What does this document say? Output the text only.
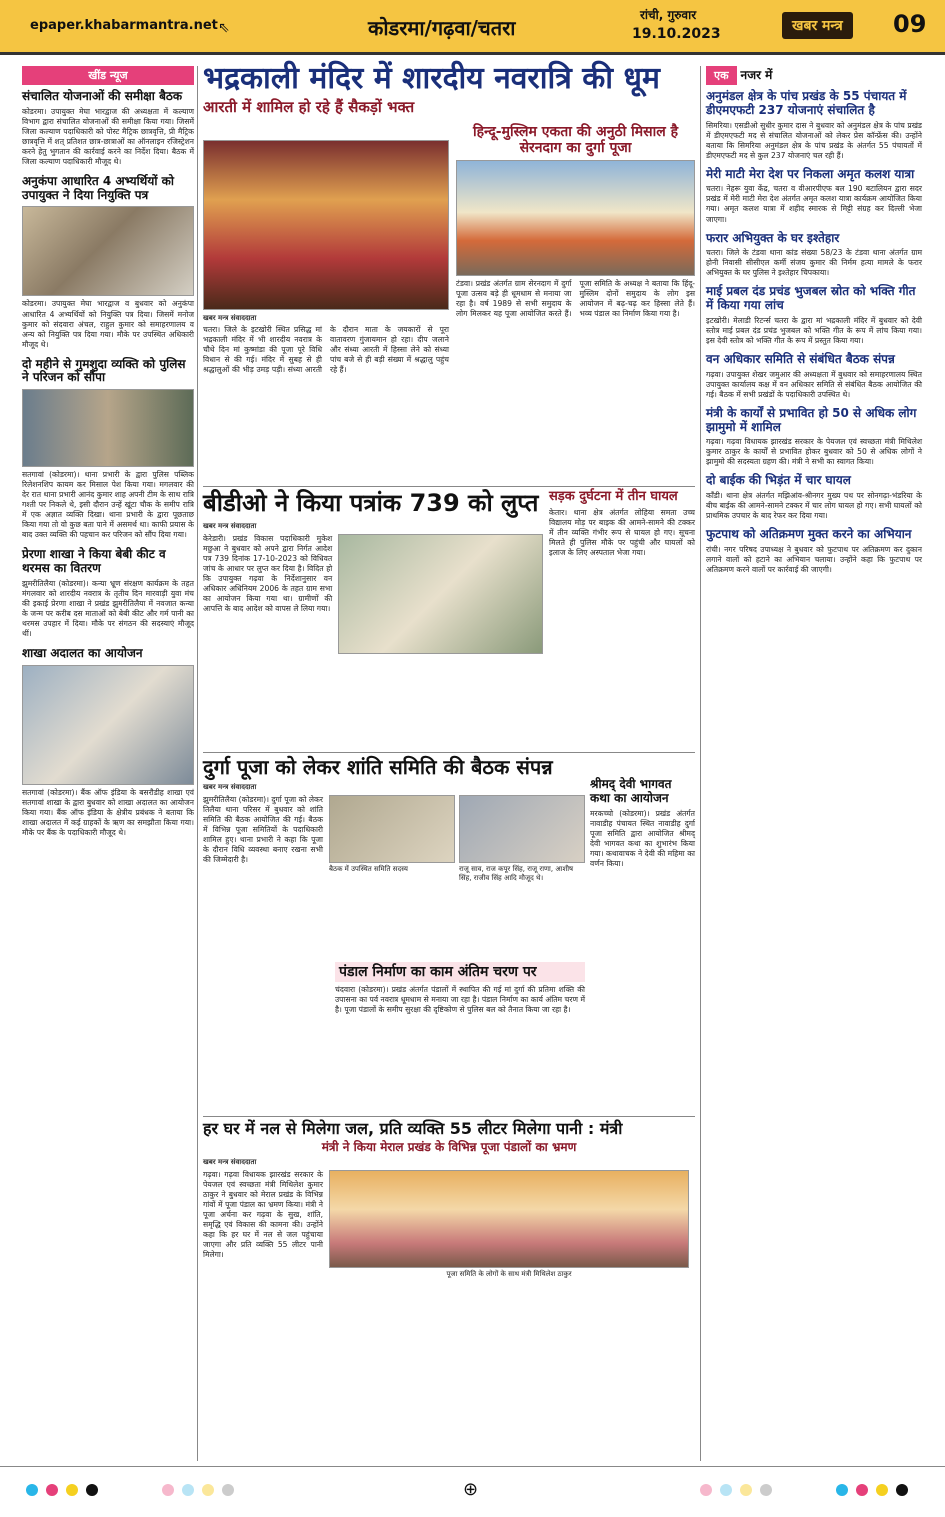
epaper.khabarmantra.net ⇖	कोडरमा/गढ़वा/चतरा
रांची, गुरुवार
19.10.2023	खबर मन्त्र	09
खींड न्यूज
संचालित योजनाओं की समीक्षा बैठक
कोडरमा। उपायुक्त मेघा भारद्वाज की अध्यक्षता में कल्याण विभाग द्वारा संचालित योजनाओं की समीक्षा किया गया। जिसमें जिला कल्याण पदाधिकारी को पोस्ट मैट्रिक छात्रवृत्ति, प्री मैट्रिक छात्रवृत्ति में शत् प्रतिशत छात्र-छात्राओं का ऑनलाइन रजिस्ट्रेशन करने हेतु भुगतान की कार्रवाई करने का निर्देश दिया। बैठक में जिला कल्याण पदाधिकारी मौजूद थे।
अनुकंपा आधारित 4 अभ्यर्थियों को उपायुक्त ने दिया नियुक्ति पत्र
कोडरमा। उपायुक्त मेघा भारद्वाज व बुधवार को अनुकंपा आधारित 4 अभ्यर्थियों को नियुक्ति पत्र दिया। जिसमें मनोज कुमार को संदवारा अंचल, राहुल कुमार को समाहरणालय व अन्य को नियुक्ति पत्र दिया गया। मौके पर उपस्थित अधिकारी मौजूद थे।
दो महीने से गुमशुदा व्यक्ति को पुलिस ने परिजन को सौंपा
सतगावां (कोडरमा)। थाना प्रभारी के द्वारा पुलिस पब्लिक रिलेशनशिप कायम कर मिसाल पेश किया गया। मगलवार की देर रात थाना प्रभारी आनंद कुमार शाह अपनी टीम के साथ रात्रि गश्ती पर निकले थे, इसी दौरान उन्हें खूंटा चौक के समीप रात्रि में एक अज्ञात व्यक्ति दिखा। थाना प्रभारी के द्वारा पूछताछ किया गया तो वो कुछ बता पाने में असमर्थ था। काफी प्रयास के बाद उक्त व्यक्ति की पहचान कर परिजन को सौंप दिया गया।
प्रेरणा शाखा ने किया बेबी कीट व थरमस का वितरण
झुमरीतिलैया (कोडरमा)। कन्या भ्रूण संरक्षण कार्यक्रम के तहत मंगलवार को शारदीय नवरात्र के तृतीय दिन मारवाड़ी युवा मंच की इकाई प्रेरणा शाखा ने प्रखंड झुमरीतिलैया में नवजात कन्या के जन्म पर करीब दस माताओं को बेबी कीट और गर्म पानी का थरमस उपहार में दिया। मौके पर संगठन की सदस्याएं मौजूद थीं।
शाखा अदालत का आयोजन
सतगावां (कोडरमा)। बैंक ऑफ इंडिया के बसरौडीह शाखा एवं सतगावां शाखा के द्वारा बुधवार को शाखा अदालत का आयोजन किया गया। बैंक ऑफ इंडिया के क्षेत्रीय प्रबंधक ने बताया कि शाखा अदालत में कई ग्राहकों के ऋण का समझौता किया गया। मौके पर बैंक के पदाधिकारी मौजूद थे।
भद्रकाली मंदिर में शारदीय नवरात्रि की धूम
आरती में शामिल हो रहे हैं सैकड़ों भक्त
खबर मन्त्र संवाददाता
चतरा। जिले के इटखोरी स्थित प्रसिद्ध मां भद्रकाली मंदिर में भी शारदीय नवरात्र के चौथे दिन मां कुष्मांडा की पूजा पूरे विधि विधान से की गई। मंदिर में सुबह से ही श्रद्धालुओं की भीड़ उमड़ पड़ी। संध्या आरती के दौरान माता के जयकारों से पूरा वातावरण गुंजायमान हो रहा। दीप जलाने और संध्या आरती में हिस्सा लेने को संध्या पांच बजे से ही बड़ी संख्या में श्रद्धालु पहुंच रहे हैं।
हिन्दू-मुस्लिम एकता की अनुठी मिसाल है सेरनदाग का दुर्गा पूजा
टंडवा। प्रखंड अंतर्गत ग्राम सेरनदाग में दुर्गा पूजा उत्सव बड़े ही धूमधाम से मनाया जा रहा है। वर्ष 1989 से सभी समुदाय के लोग मिलकर यह पूजा आयोजित करते हैं। पूजा समिति के अध्यक्ष ने बताया कि हिंदू-मुस्लिम दोनों समुदाय के लोग इस आयोजन में बढ़-चढ़ कर हिस्सा लेते हैं। भव्य पंडाल का निर्माण किया गया है।
बीडीओ ने किया पत्रांक 739 को लुप्त
खबर मन्त्र संवाददाता
केरेडारी। प्रखंड विकास पदाधिकारी मुकेश मछुआ ने बुधवार को अपने द्वारा निर्गत आदेश पत्र 739 दिनांक 17-10-2023 को विधिवत जांच के आधार पर लुप्त कर दिया है। विदित हो कि उपायुक्त गढ़वा के निर्देशानुसार वन अधिकार अधिनियम 2006 के तहत ग्राम सभा का आयोजन किया गया था। ग्रामीणों की आपत्ति के बाद आदेश को वापस ले लिया गया।
सड़क दुर्घटना में तीन घायल
केतार। थाना क्षेत्र अंतर्गत लोहिया समता उच्च विद्यालय मोड़ पर बाइक की आमने-सामने की टक्कर में तीन व्यक्ति गंभीर रूप से घायल हो गए। सूचना मिलते ही पुलिस मौके पर पहुंची और घायलों को इलाज के लिए अस्पताल भेजा गया।
दुर्गा पूजा को लेकर शांति समिति की बैठक संपन्न
खबर मन्त्र संवाददाता
झुमरीतिलैया (कोडरमा)। दुर्गा पूजा को लेकर तिलैया थाना परिसर में बुधवार को शांति समिति की बैठक आयोजित की गई। बैठक में विभिन्न पूजा समितियों के पदाधिकारी शामिल हुए। थाना प्रभारी ने कहा कि पूजा के दौरान विधि व्यवस्था बनाए रखना सभी की जिम्मेदारी है।
बैठक में उपस्थित समिति सदस्य	राजू साव, राज कपूर सिंह, राजू राणा, आशीष सिंह, राजीव सिंह आदि मौजूद थे।
श्रीमद् देवी भागवत कथा का आयोजन
मरकच्चो (कोडरमा)। प्रखंड अंतर्गत नावाडीह पंचायत स्थित नावाडीह दुर्गा पूजा समिति द्वारा आयोजित श्रीमद् देवी भागवत कथा का शुभारंभ किया गया। कथावाचक ने देवी की महिमा का वर्णन किया।
पंडाल निर्माण का काम अंतिम चरण पर
चंदवारा (कोडरमा)। प्रखंड अंतर्गत पंडालों में स्थापित की गई मां दुर्गा की प्रतिमा शक्ति की उपासना का पर्व नवरात्र धूमधाम से मनाया जा रहा है। पंडाल निर्माण का कार्य अंतिम चरण में है। पूजा पंडालों के समीप सुरक्षा की दृष्टिकोण से पुलिस बल को तैनात किया जा रहा है।
हर घर में नल से मिलेगा जल, प्रति व्यक्ति 55 लीटर मिलेगा पानी : मंत्री
मंत्री ने किया मेराल प्रखंड के विभिन्न पूजा पंडालों का भ्रमण
खबर मन्त्र संवाददाता
गढ़वा। गढ़वा विधायक झारखंड सरकार के पेयजल एवं स्वच्छता मंत्री मिथिलेश कुमार ठाकुर ने बुधवार को मेराल प्रखंड के विभिन्न गांवों में पूजा पंडाल का भ्रमण किया। मंत्री ने पूजा अर्चना कर गढ़वा के सुख, शांति, समृद्धि एवं विकास की कामना की। उन्होंने कहा कि हर घर में नल से जल पहुंचाया जाएगा और प्रति व्यक्ति 55 लीटर पानी मिलेगा।
पूजा समिति के लोगों के साथ मंत्री मिथिलेश ठाकुर
एक	नजर में
अनुमंडल क्षेत्र के पांच प्रखंड के 55 पंचायत में डीएमएफटी 237 योजनाएं संचालित है
सिमरिया। एसडीओ सुधीर कुमार दास ने बुधवार को अनुमंडल क्षेत्र के पांच प्रखंड में डीएमएफटी मद से संचालित योजनाओं को लेकर प्रेस कॉन्फ्रेंस की। उन्होंने बताया कि सिमरिया अनुमंडल क्षेत्र के पांच प्रखंड के अंतर्गत 55 पंचायतों में डीएमएफटी मद से कुल 237 योजनाएं चल रही हैं।
मेरी माटी मेरा देश पर निकला अमृत कलश यात्रा
चतरा। नेहरू युवा केंद्र, चतरा व वीआरपीएफ बल 190 बटालियन द्वारा सदर प्रखंड में मेरी माटी मेरा देश अंतर्गत अमृत कलश यात्रा कार्यक्रम आयोजित किया गया। अमृत कलश यात्रा में शहीद स्मारक से मिट्टी संग्रह कर दिल्ली भेजा जाएगा।
फरार अभियुक्त के घर इश्तेहार
चतरा। जिले के टंडवा थाना कांड संख्या 58/23 के टंडवा थाना अंतर्गत ग्राम होनी निवासी सीसीएल कर्मी संजय कुमार की निर्मम हत्या मामले के फरार अभियुक्त के घर पुलिस ने इश्तेहार चिपकाया।
माई प्रबल दंड प्रचंड भुजबल स्रोत को भक्ति गीत में किया गया लांच
इटखोरी। मेलाडी रिटर्न्स चतरा के द्वारा मां भद्रकाली मंदिर में बुधवार को देवी स्तोत्र माई प्रबल दंड प्रचंड भुजबल को भक्ति गीत के रूप में लांच किया गया। इस देवी स्तोत्र को भक्ति गीत के रूप में प्रस्तुत किया गया।
वन अधिकार समिति से संबंधित बैठक संपन्न
गढ़वा। उपायुक्त शेखर जमुआर की अध्यक्षता में बुधवार को समाहरणालय स्थित उपायुक्त कार्यालय कक्ष में वन अधिकार समिति से संबंधित बैठक आयोजित की गई। बैठक में सभी प्रखंडों के पदाधिकारी उपस्थित थे।
मंत्री के कार्यों से प्रभावित हो 50 से अधिक लोग झामुमो में शामिल
गढ़वा। गढ़वा विधायक झारखंड सरकार के पेयजल एवं स्वच्छता मंत्री मिथिलेश कुमार ठाकुर के कार्यों से प्रभावित होकर बुधवार को 50 से अधिक लोगों ने झामुमो की सदस्यता ग्रहण की। मंत्री ने सभी का स्वागत किया।
दो बाईक की भिड़ंत में चार घायल
काँडी। थाना क्षेत्र अंतर्गत मझिआंव-श्रीनगर मुख्य पथ पर सोनगढ़ा-भंडरिया के बीच बाईक की आमने-सामने टक्कर में चार लोग घायल हो गए। सभी घायलों को प्राथमिक उपचार के बाद रेफर कर दिया गया।
फुटपाथ को अतिक्रमण मुक्त करने का अभियान
रांची। नगर परिषद उपाध्यक्ष ने बुधवार को फुटपाथ पर अतिक्रमण कर दुकान लगाने वालों को हटाने का अभियान चलाया। उन्होंने कहा कि फुटपाथ पर अतिक्रमण करने वालों पर कार्रवाई की जाएगी।
⊕
